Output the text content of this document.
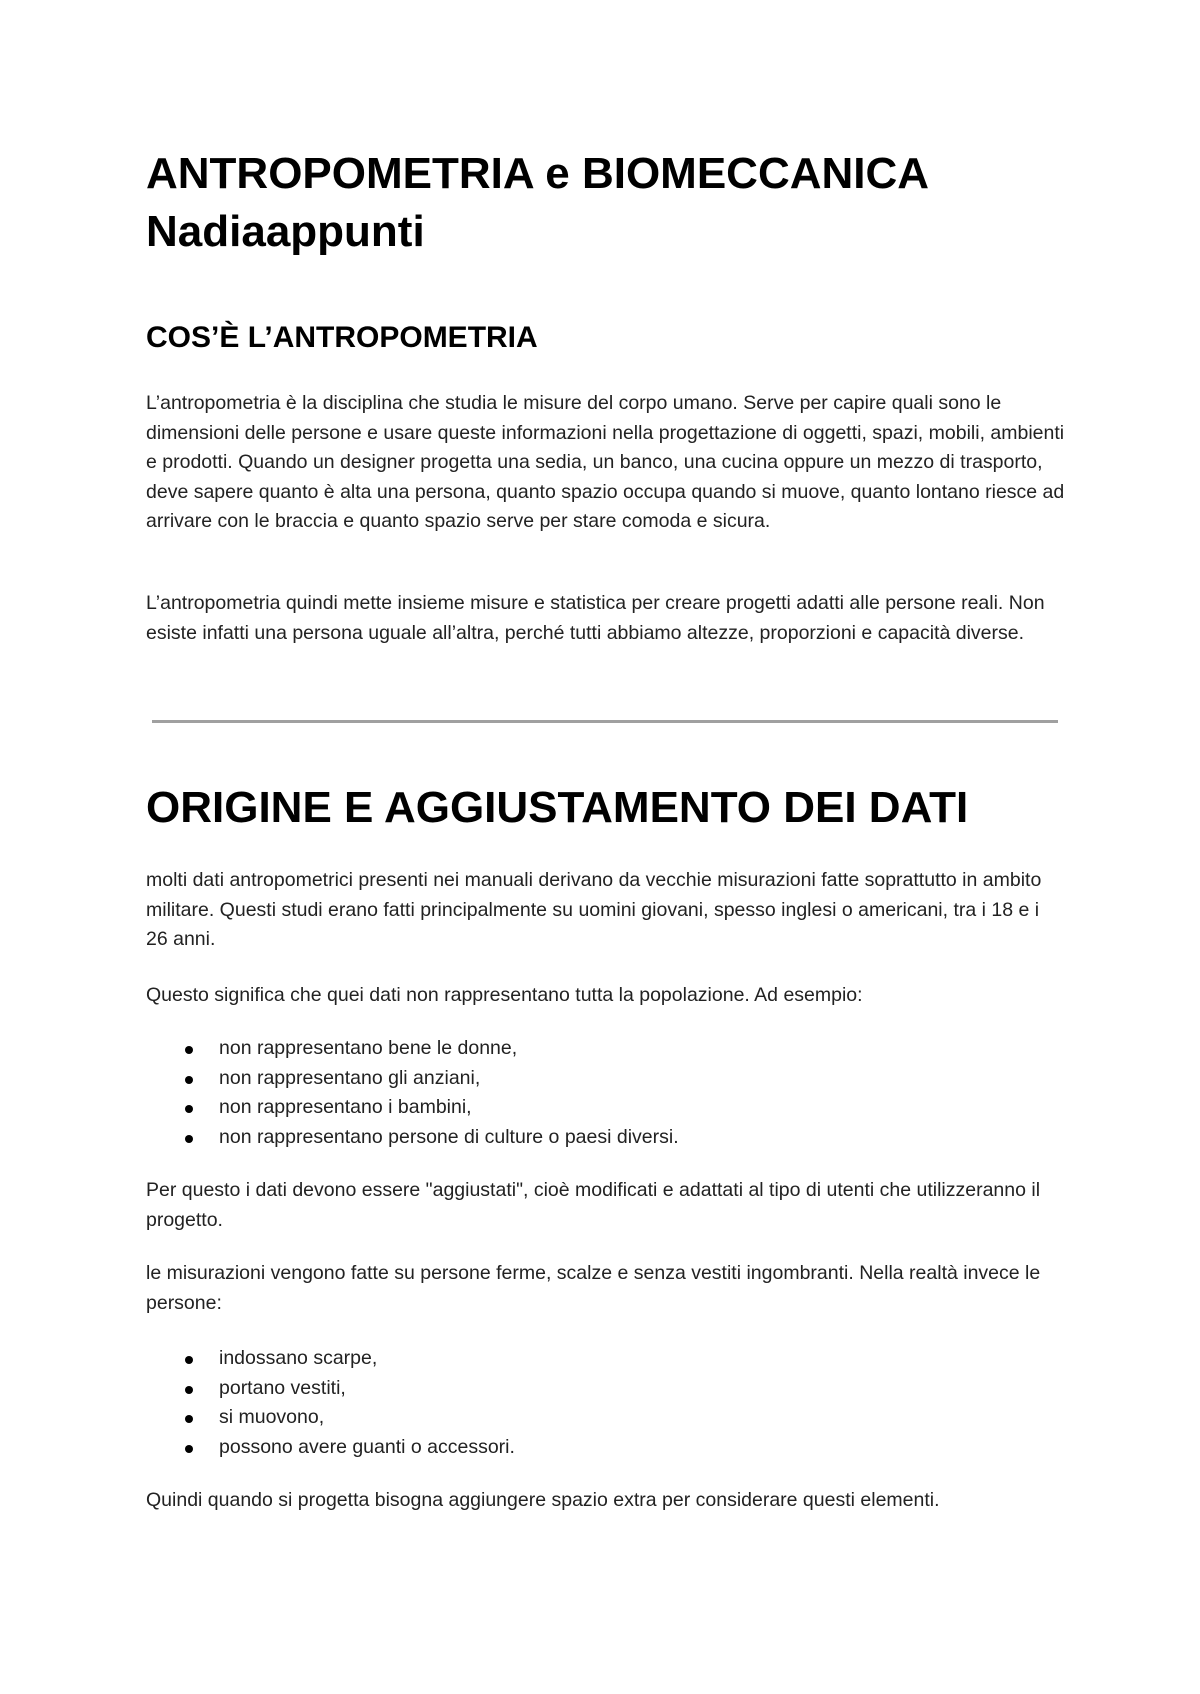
ANTROPOMETRIA e BIOMECCANICA Nadiaappunti
COS’È L’ANTROPOMETRIA

L’antropometria è la disciplina che studia le misure del corpo umano. Serve per capire quali sono le dimensioni delle persone e usare queste informazioni nella progettazione di oggetti, spazi, mobili, ambienti e prodotti. Quando un designer progetta una sedia, un banco, una cucina oppure un mezzo di trasporto, deve sapere quanto è alta una persona, quanto spazio occupa quando si muove, quanto lontano riesce ad arrivare con le braccia e quanto spazio serve per stare comoda e sicura.

L’antropometria quindi mette insieme misure e statistica per creare progetti adatti alle persone reali. Non esiste infatti una persona uguale all’altra, perché tutti abbiamo altezze, proporzioni e capacità diverse.

ORIGINE E AGGIUSTAMENTO DEI DATI

molti dati antropometrici presenti nei manuali derivano da vecchie misurazioni fatte soprattutto in ambito militare. Questi studi erano fatti principalmente su uomini giovani, spesso inglesi o americani, tra i 18 e i 26 anni.

Questo significa che quei dati non rappresentano tutta la popolazione. Ad esempio:

non rappresentano bene le donne,
non rappresentano gli anziani,
non rappresentano i bambini,
non rappresentano persone di culture o paesi diversi.

Per questo i dati devono essere "aggiustati", cioè modificati e adattati al tipo di utenti che utilizzeranno il progetto.

le misurazioni vengono fatte su persone ferme, scalze e senza vestiti ingombranti. Nella realtà invece le persone:

indossano scarpe,
portano vestiti,
si muovono,
possono avere guanti o accessori.

Quindi quando si progetta bisogna aggiungere spazio extra per considerare questi elementi.
